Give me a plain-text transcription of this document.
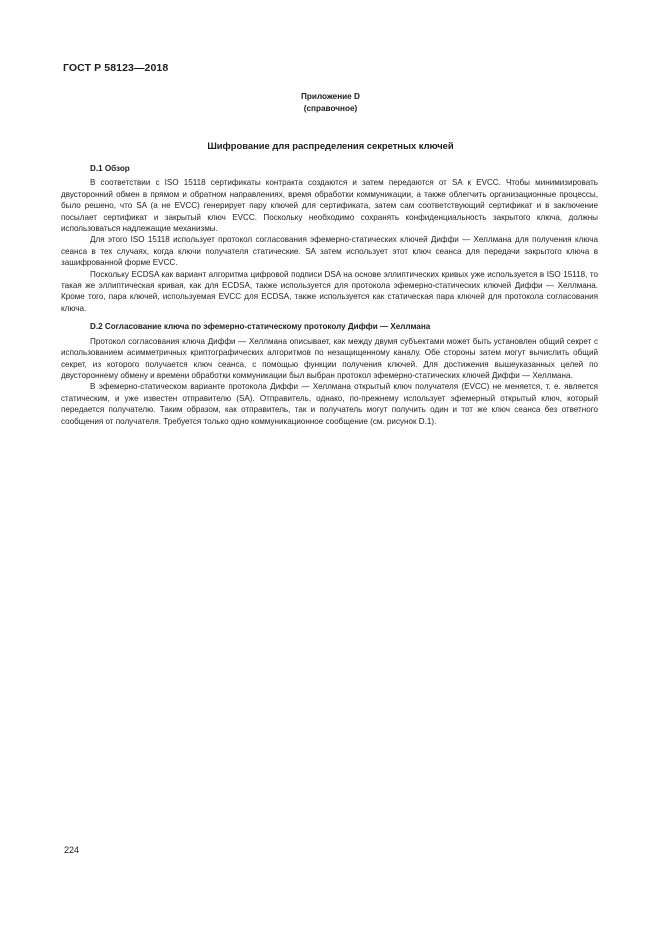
ГОСТ Р 58123—2018
Приложение D
(справочное)
Шифрование для распределения секретных ключей
D.1 Обзор

В соответствии с ISO 15118 сертификаты контракта создаются и затем передаются от SA к EVCC. Чтобы минимизировать двусторонний обмен в прямом и обратном направлениях, время обработки коммуникации, а также облегчить организационные процессы, было решено, что SA (а не EVCC) генерирует пару ключей для сертификата, затем сам соответствующий сертификат и в заключение посылает сертификат и закрытый ключ EVCC. Поскольку необходимо сохранять конфиденциальность закрытого ключа, должны использоваться надлежащие механизмы.

Для этого ISO 15118 использует протокол согласования эфемерно-статических ключей Диффи — Хеллмана для получения ключа сеанса в тех случаях, когда ключи получателя статические. SA затем использует этот ключ сеанса для передачи закрытого ключа в зашифрованной форме EVCC.

Поскольку ECDSA как вариант алгоритма цифровой подписи DSA на основе эллиптических кривых уже используется в ISO 15118, то такая же эллиптическая кривая, как для ECDSA, также используется для протокола эфемерно-статических ключей Диффи — Хеллмана. Кроме того, пара ключей, используемая EVCC для ECDSA, также используется как статическая пара ключей для протокола согласования ключа.

D.2 Согласование ключа по эфемерно-статическому протоколу Диффи — Хеллмана

Протокол согласования ключа Диффи — Хеллмана описывает, как между двумя субъектами может быть установлен общий секрет с использованием асимметричных криптографических алгоритмов по незащищенному каналу. Обе стороны затем могут вычислить общий секрет, из которого получается ключ сеанса, с помощью функции получения ключей. Для достижения вышеуказанных целей по двустороннему обмену и времени обработки коммуникации был выбран протокол эфемерно-статических ключей Диффи — Хеллмана.

В эфемерно-статическом варианте протокола Диффи — Хеллмана открытый ключ получателя (EVCC) не меняется, т. е. является статическим, и уже известен отправителю (SA). Отправитель, однако, по-прежнему использует эфемерный открытый ключ, который передается получателю. Таким образом, как отправитель, так и получатель могут получить один и тот же ключ сеанса без ответного сообщения от получателя. Требуется только одно коммуникационное сообщение (см. рисунок D.1).

224
